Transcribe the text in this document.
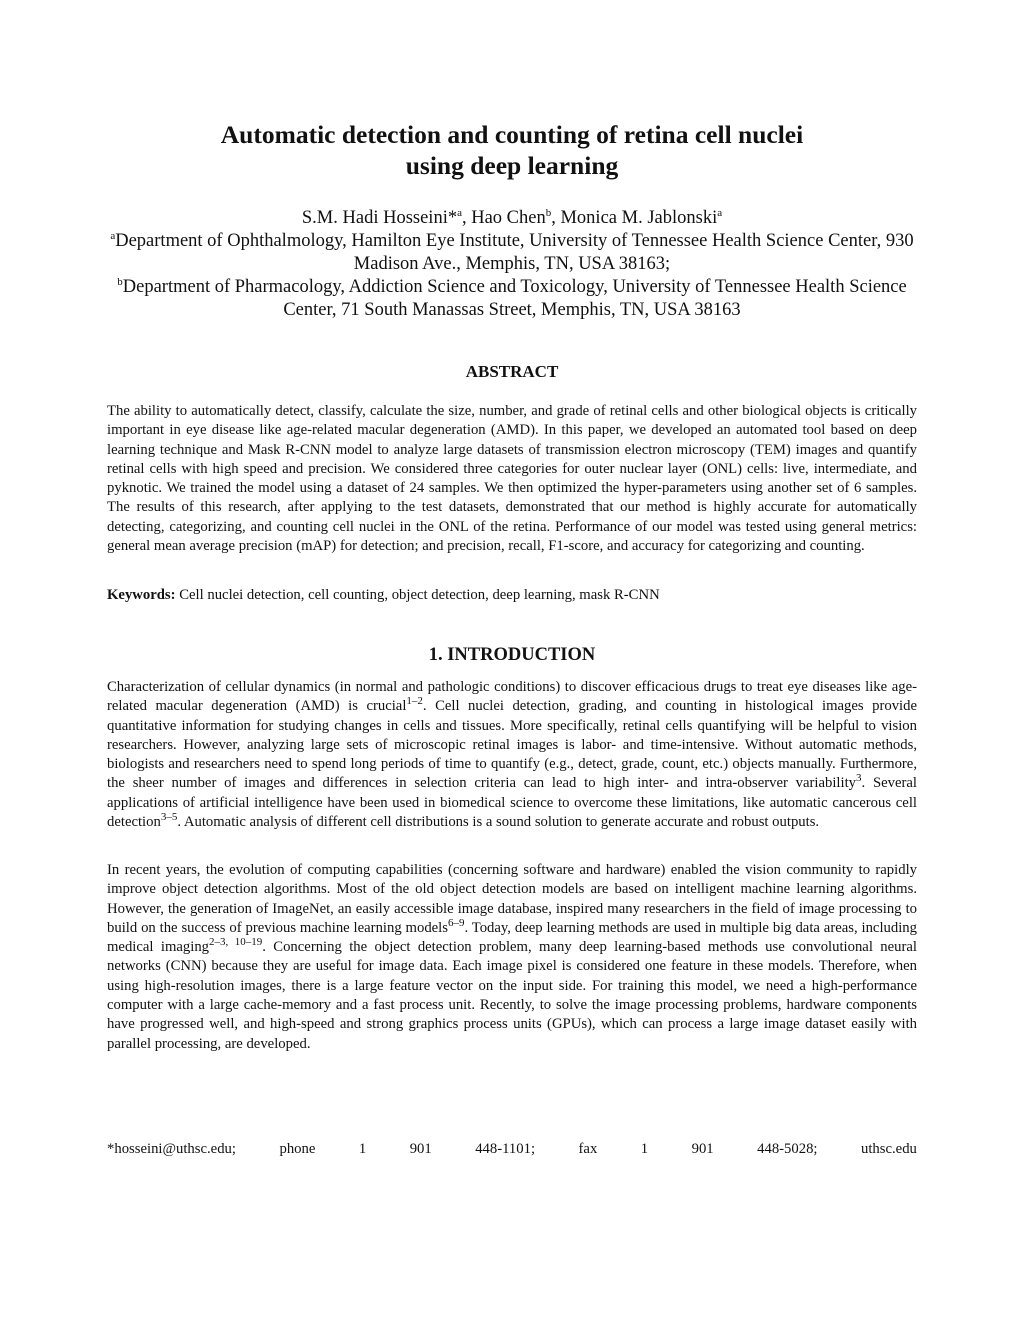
Automatic detection and counting of retina cell nuclei
using deep learning
S.M. Hadi Hosseini*$^a$, Hao Chen$^b$, Monica M. Jablonski$^a$
$^a$Department of Ophthalmology, Hamilton Eye Institute, University of Tennessee Health Science Center, 930 Madison Ave., Memphis, TN, USA 38163;
$^b$Department of Pharmacology, Addiction Science and Toxicology, University of Tennessee Health Science Center, 71 South Manassas Street, Memphis, TN, USA 38163
ABSTRACT
The ability to automatically detect, classify, calculate the size, number, and grade of retinal cells and other biological objects is critically important in eye disease like age-related macular degeneration (AMD). In this paper, we developed an automated tool based on deep learning technique and Mask R-CNN model to analyze large datasets of transmission electron microscopy (TEM) images and quantify retinal cells with high speed and precision. We considered three categories for outer nuclear layer (ONL) cells: live, intermediate, and pyknotic. We trained the model using a dataset of 24 samples. We then optimized the hyper-parameters using another set of 6 samples. The results of this research, after applying to the test datasets, demonstrated that our method is highly accurate for automatically detecting, categorizing, and counting cell nuclei in the ONL of the retina. Performance of our model was tested using general metrics: general mean average precision (mAP) for detection; and precision, recall, F1-score, and accuracy for categorizing and counting.
Keywords: Cell nuclei detection, cell counting, object detection, deep learning, mask R-CNN
1. INTRODUCTION
Characterization of cellular dynamics (in normal and pathologic conditions) to discover efficacious drugs to treat eye diseases like age-related macular degeneration (AMD) is crucial$^{1-2}$. Cell nuclei detection, grading, and counting in histological images provide quantitative information for studying changes in cells and tissues. More specifically, retinal cells quantifying will be helpful to vision researchers. However, analyzing large sets of microscopic retinal images is labor- and time-intensive. Without automatic methods, biologists and researchers need to spend long periods of time to quantify (e.g., detect, grade, count, etc.) objects manually. Furthermore, the sheer number of images and differences in selection criteria can lead to high inter- and intra-observer variability$^3$. Several applications of artificial intelligence have been used in biomedical science to overcome these limitations, like automatic cancerous cell detection$^{3-5}$. Automatic analysis of different cell distributions is a sound solution to generate accurate and robust outputs.
In recent years, the evolution of computing capabilities (concerning software and hardware) enabled the vision community to rapidly improve object detection algorithms. Most of the old object detection models are based on intelligent machine learning algorithms. However, the generation of ImageNet, an easily accessible image database, inspired many researchers in the field of image processing to build on the success of previous machine learning models$^{6-9}$. Today, deep learning methods are used in multiple big data areas, including medical imaging$^{2-3, 10-19}$. Concerning the object detection problem, many deep learning-based methods use convolutional neural networks (CNN) because they are useful for image data. Each image pixel is considered one feature in these models. Therefore, when using high-resolution images, there is a large feature vector on the input side. For training this model, we need a high-performance computer with a large cache-memory and a fast process unit. Recently, to solve the image processing problems, hardware components have progressed well, and high-speed and strong graphics process units (GPUs), which can process a large image dataset easily with parallel processing, are developed.
*hosseini@uthsc.edu;	phone	1	901	448-1101;	fax	1	901	448-5028;	uthsc.edu
